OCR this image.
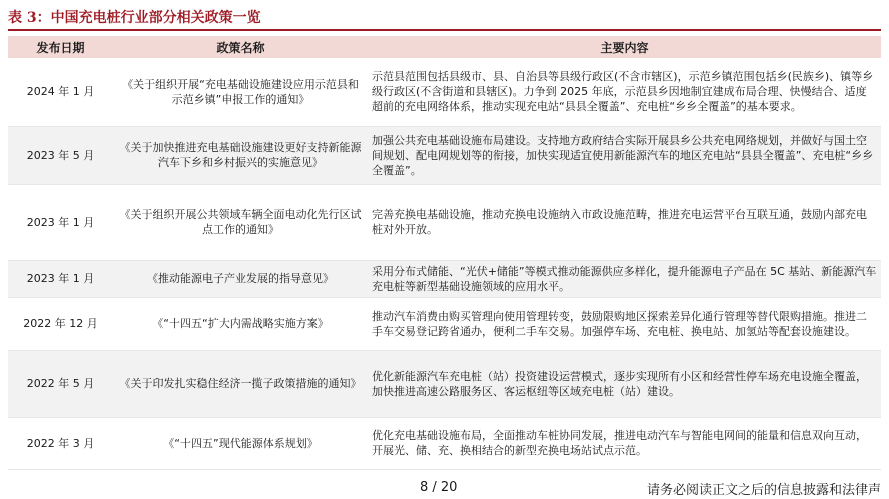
表 3：中国充电桩行业部分相关政策一览
发布日期	政策名称	主要内容
2024 年 1 月	《关于组织开展“充电基础设施建设应用示范县和示范乡镇”申报工作的通知》	示范县范围包括县级市、县、自治县等县级行政区(不含市辖区)，示范乡镇范围包括乡(民族乡)、镇等乡级行政区(不含街道和县辖区)。力争到 2025 年底，示范县乡因地制宜建成布局合理、快慢结合、适度超前的充电网络体系，推动实现充电站“县县全覆盖”、充电桩“乡乡全覆盖”的基本要求。
2023 年 5 月	《关于加快推进充电基础设施建设更好支持新能源汽车下乡和乡村振兴的实施意见》	加强公共充电基础设施布局建设。支持地方政府结合实际开展县乡公共充电网络规划，并做好与国土空间规划、配电网规划等的衔接，加快实现适宜使用新能源汽车的地区充电站“县县全覆盖”、充电桩“乡乡全覆盖”。
2023 年 1 月	《关于组织开展公共领域车辆全面电动化先行区试点工作的通知》	完善充换电基础设施，推动充换电设施纳入市政设施范畴，推进充电运营平台互联互通，鼓励内部充电桩对外开放。
2023 年 1 月	《推动能源电子产业发展的指导意见》	采用分布式储能、“光伏+储能”等模式推动能源供应多样化，提升能源电子产品在 5C 基站、新能源汽车充电桩等新型基础设施领域的应用水平。
2022 年 12 月	《“十四五“扩大内需战略实施方案》	推动汽车消费由购买管理向使用管理转变，鼓励限购地区探索差异化通行管理等替代限购措施。推进二手车交易登记跨省通办，便利二手车交易。加强停车场、充电桩、换电站、加氢站等配套设施建设。
2022 年 5 月	《关于印发扎实稳住经济一揽子政策措施的通知》	优化新能源汽车充电桩（站）投资建设运营模式，逐步实现所有小区和经营性停车场充电设施全覆盖，加快推进高速公路服务区、客运枢纽等区域充电桩（站）建设。
2022 年 3 月	《“十四五”现代能源体系规划》	优化充电基础设施布局，全面推动车桩协同发展，推进电动汽车与智能电网间的能量和信息双向互动，开展光、储、充、换相结合的新型充换电场站试点示范。
8 / 20	请务必阅读正文之后的信息披露和法律声
